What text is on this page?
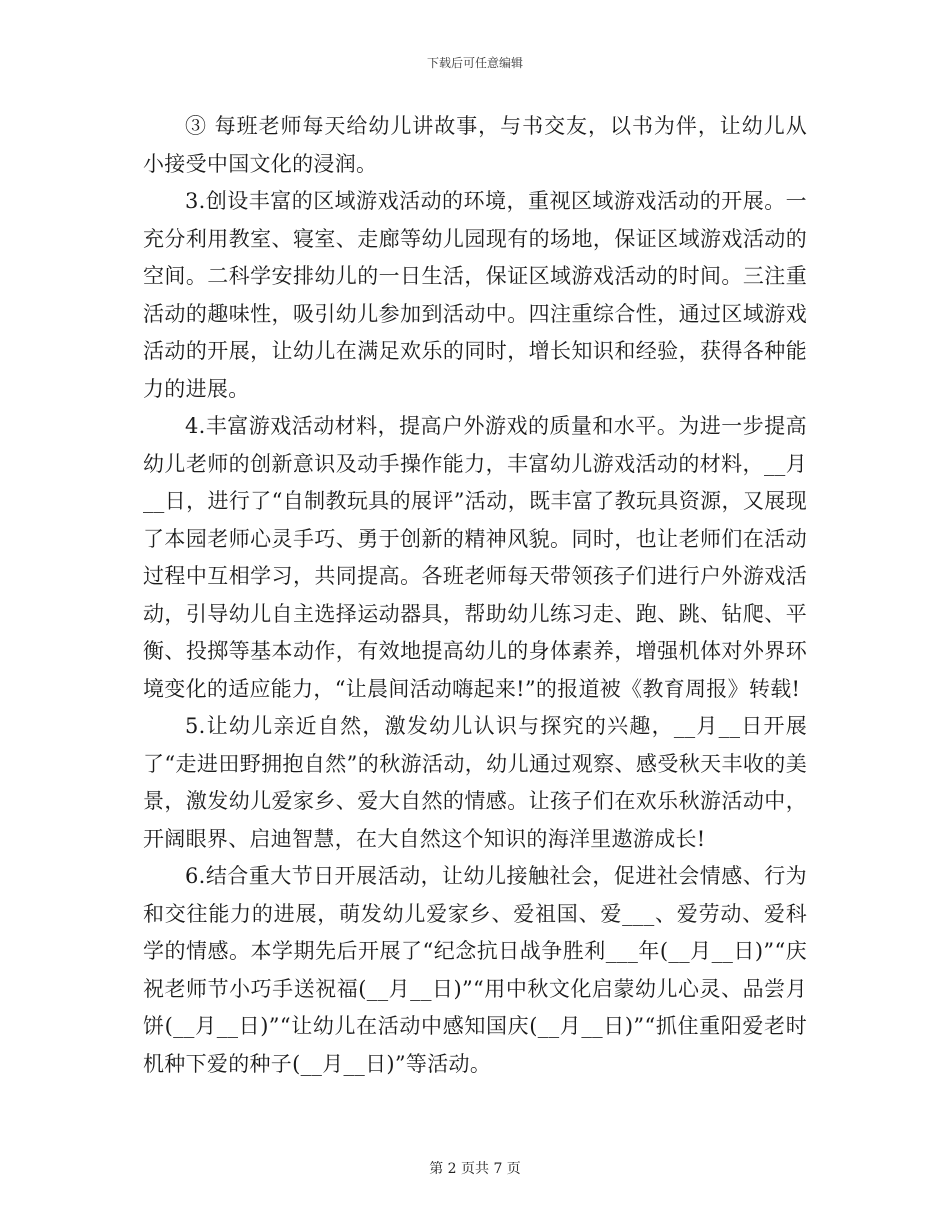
下载后可任意编辑

③ 每班老师每天给幼儿讲故事，与书交友，以书为伴，让幼儿从小接受中国文化的浸润。

3.创设丰富的区域游戏活动的环境，重视区域游戏活动的开展。一充分利用教室、寝室、走廊等幼儿园现有的场地，保证区域游戏活动的空间。二科学安排幼儿的一日生活，保证区域游戏活动的时间。三注重活动的趣味性，吸引幼儿参加到活动中。四注重综合性，通过区域游戏活动的开展，让幼儿在满足欢乐的同时，增长知识和经验，获得各种能力的进展。

4.丰富游戏活动材料，提高户外游戏的质量和水平。为进一步提高幼儿老师的创新意识及动手操作能力，丰富幼儿游戏活动的材料，__月__日，进行了“自制教玩具的展评”活动，既丰富了教玩具资源，又展现了本园老师心灵手巧、勇于创新的精神风貌。同时，也让老师们在活动过程中互相学习，共同提高。各班老师每天带领孩子们进行户外游戏活动，引导幼儿自主选择运动器具，帮助幼儿练习走、跑、跳、钻爬、平衡、投掷等基本动作，有效地提高幼儿的身体素养，增强机体对外界环境变化的适应能力，“让晨间活动嗨起来!”的报道被《教育周报》转载!

5.让幼儿亲近自然，激发幼儿认识与探究的兴趣，__月__日开展了“走进田野拥抱自然”的秋游活动，幼儿通过观察、感受秋天丰收的美景，激发幼儿爱家乡、爱大自然的情感。让孩子们在欢乐秋游活动中，开阔眼界、启迪智慧，在大自然这个知识的海洋里遨游成长!

6.结合重大节日开展活动，让幼儿接触社会，促进社会情感、行为和交往能力的进展，萌发幼儿爱家乡、爱祖国、爱___、爱劳动、爱科学的情感。本学期先后开展了“纪念抗日战争胜利___年(__月__日)”“庆祝老师节小巧手送祝福(__月__日)”“用中秋文化启蒙幼儿心灵、品尝月饼(__月__日)”“让幼儿在活动中感知国庆(__月__日)”“抓住重阳爱老时机种下爱的种子(__月__日)”等活动。

第 2 页共 7 页
